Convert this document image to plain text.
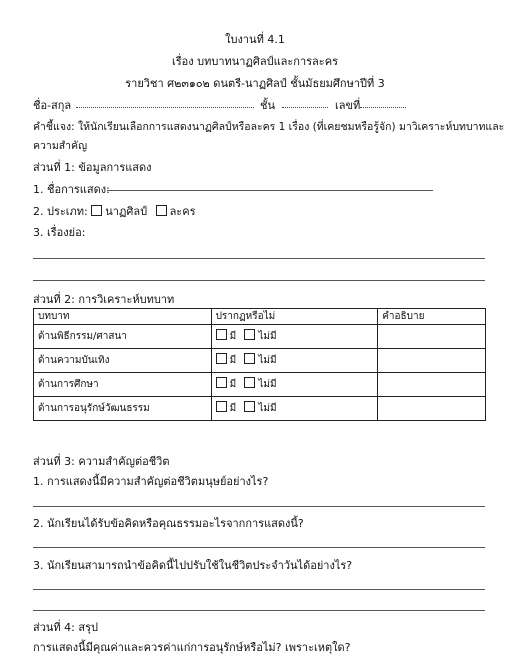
ใบงานที่ 4.1
เรื่อง บทบาทนาฏศิลป์และการละคร
รายวิชา ศ๒๓๑๐๒ ดนตรี-นาฏศิลป์ ชั้นมัธยมศึกษาปีที่ 3
ชื่อ-สกุล	ชั้น	เลขที่
คำชี้แจง: ให้นักเรียนเลือกการแสดงนาฏศิลป์หรือละคร 1 เรื่อง (ที่เคยชมหรือรู้จัก) มาวิเคราะห์บทบาทและ
ความสำคัญ
ส่วนที่ 1: ข้อมูลการแสดง
1. ชื่อการแสดง:
2. ประเภท: นาฏศิลป์ ละคร
3. เรื่องย่อ:
ส่วนที่ 2: การวิเคราะห์บทบาท
บทบาท	ปรากฏหรือไม่	คำอธิบาย
ด้านพิธีกรรม/ศาสนา	มี ไม่มี	
ด้านความบันเทิง	มี ไม่มี	
ด้านการศึกษา	มี ไม่มี	
ด้านการอนุรักษ์วัฒนธรรม	มี ไม่มี	
ส่วนที่ 3: ความสำคัญต่อชีวิต
1. การแสดงนี้มีความสำคัญต่อชีวิตมนุษย์อย่างไร?
2. นักเรียนได้รับข้อคิดหรือคุณธรรมอะไรจากการแสดงนี้?
3. นักเรียนสามารถนำข้อคิดนี้ไปปรับใช้ในชีวิตประจำวันได้อย่างไร?
ส่วนที่ 4: สรุป
การแสดงนี้มีคุณค่าและควรค่าแก่การอนุรักษ์หรือไม่? เพราะเหตุใด?
